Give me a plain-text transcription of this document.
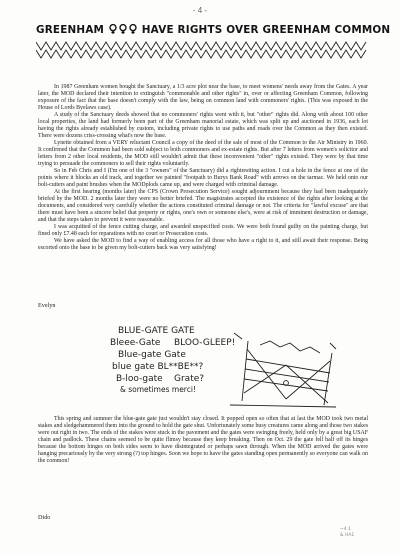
- 4 -
GREENHAM	HAVE RIGHTS OVER GREENHAM COMMON

In 1987 Greenham women bought the Sanctuary, a 1/3 acre plot near the base, to meet womens' needs away from the Gates. A year later, the MOD declared their intention to extinguish "commonable and other rights" in, over or affecting Greenham Common, following exposure of the fact that the base doesn't comply with the law, being on common land with commoners' rights. (This was exposed in the House of Lords Byelaws case).

A study of the Sanctuary deeds showed that no commoners' rights went with it, but "other" rights did. Along with about 100 other local properties, the land had formerly been part of the Greenham manorial estate, which was split up and auctioned in 1936, each lot having the rights already established by custom, including private rights to use paths and roads over the Common as they then existed. There were dozens criss-crossing what's now the base.

Lynette obtained from a VERY reluctant Council a copy of the deed of the sale of most of the Common to the Air Ministry in 1960. It confirmed that the Common had been sold subject to both commoners and ex-estate rights. But after 7 letters from women's solicitor and letters from 2 other local residents, the MOD still wouldn't admit that these inconvenient "other" rights existed. They were by that time trying to persuade the commoners to sell their rights voluntarily.

So in Feb Chris and I (I'm one of the 3 "owners" of the Sanctuary) did a rightrestting action. I cut a hole in the fence at one of the points where it blocks an old track, and together we painted "footpath to Burys Bank Road" with arrows on the tarmac. We held onto our bolt-cutters and paint brushes when the MODplods came up, and were charged with criminal damage.

At the first hearing (months later) the CPS (Crown Prosecution Service) sought adjournment because they had been inadequately briefed by the MOD. 2 months later they were no better briefed. The magistrates accepted the existence of the rights after looking at the documents, and considered very carefully whether the actions constituted criminal damage or not. The criteria for "lawful excuse" are that there must have been a sincere belief that property or rights, one's own or someone else's, were at risk of imminent destruction or damage, and that the steps taken to prevent it were reasonable.

I was acquitted of the fence cutting charge, and awarded unspecified costs. We were both found guilty on the painting charge, but fined only £7.48 each for reparations with no court or Prosecution costs.

We have asked the MOD to find a way of enabling access for all those who have a right to it, and still await their response. Being escorted onto the base to be given my bolt-cutters back was very satisfying!

Evelyn
BLUE-GATE GATE
Bleee-Gate BLOO-GLEEP!
Blue-gate Gate
blue gate BL**BE**?
B-loo-gate Grate?
& sometimes merci!

This spring and summer the blue-gate gate just wouldn't stay closed. It popped open so often that at last the MOD took two metal stakes and sledgehammered them into the ground to hold the gate shut. Unfortunately some busy creatures came along and those two stakes were out right in two. The ends of the stakes were stuck in the pavement and the gates were swinging freely, held only by a great big USAF chain and padlock. These chains seemed to be quite flimsy because they keep breaking. Then on Oct. 29 the gate fell half off its hinges because the bottom hinges on both sides seem to have disintegrated or perhaps sawn through. When the MOD arrived the gates were hanging precariously by the very strong (?) top hinges. Soon we hope to have the gates standing open permanently so everyone can walk on the common!

Dido
~4.1
& HA1
